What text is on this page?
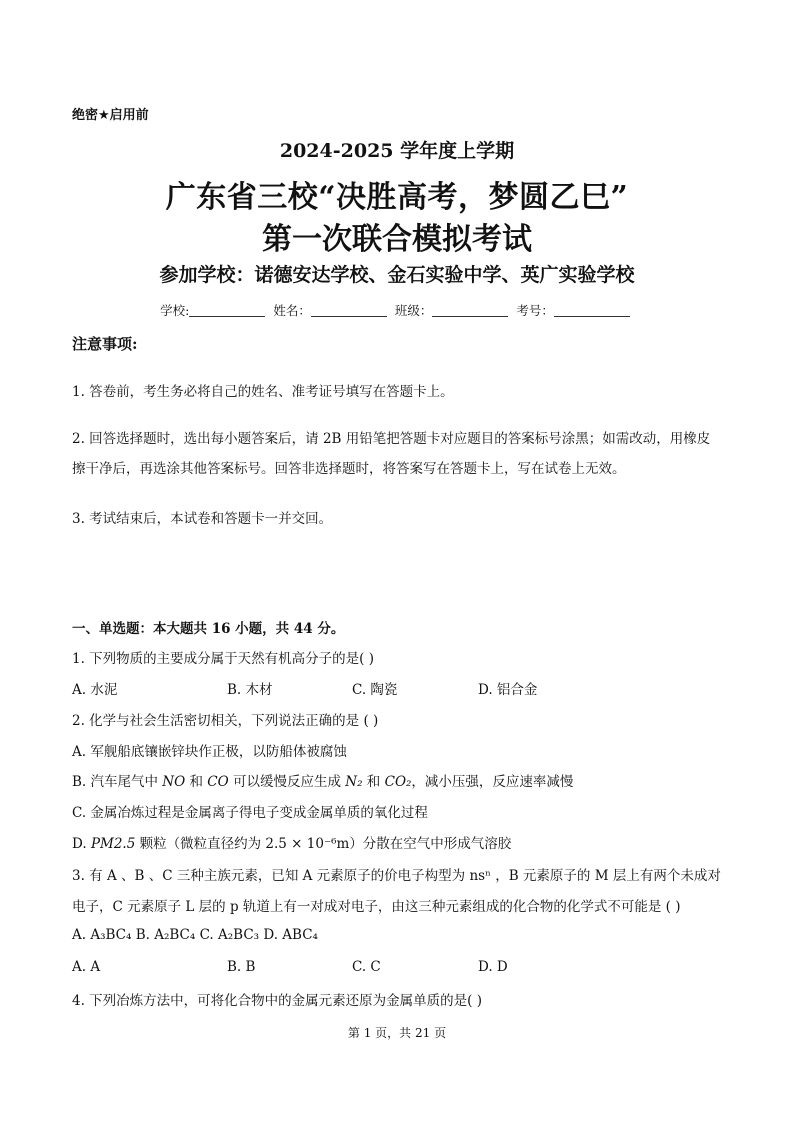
绝密★启用前
2024-2025 学年度上学期
广东省三校“决胜高考，梦圆乙巳”
第一次联合模拟考试
参加学校：诺德安达学校、金石实验中学、英广实验学校
学校:	姓名：	班级：	考号：
注意事项:
1. 答卷前，考生务必将自己的姓名、准考证号填写在答题卡上。
2. 回答选择题时，选出每小题答案后，请 2B 用铅笔把答题卡对应题目的答案标号涂黑；如需改动，用橡皮
擦干净后，再选涂其他答案标号。回答非选择题时，将答案写在答题卡上，写在试卷上无效。
3. 考试结束后，本试卷和答题卡一并交回。
一、单选题：本大题共 16 小题，共 44 分。
1. 下列物质的主要成分属于天然有机高分子的是( )
A. 水泥	B. 木材	C. 陶瓷	D. 铝合金
2. 化学与社会生活密切相关，下列说法正确的是 ( )
A. 军舰船底镶嵌锌块作正极，以防船体被腐蚀
B. 汽车尾气中 NO 和 CO 可以缓慢反应生成 N₂ 和 CO₂，减小压强，反应速率减慢
C. 金属冶炼过程是金属离子得电子变成金属单质的氧化过程
D. PM2.5 颗粒（微粒直径约为 2.5 × 10⁻⁶m）分散在空气中形成气溶胶
3. 有 A 、B 、C 三种主族元素，已知 A 元素原子的价电子构型为 nsⁿ ，B 元素原子的 M 层上有两个未成对
电子，C 元素原子 L 层的 p 轨道上有一对成对电子，由这三种元素组成的化合物的化学式不可能是 ( )
A. A₃BC₄ B. A₂BC₄ C. A₂BC₃ D. ABC₄
A. A	B. B	C. C	D. D
4. 下列冶炼方法中，可将化合物中的金属元素还原为金属单质的是( )
第 1 页，共 21 页
